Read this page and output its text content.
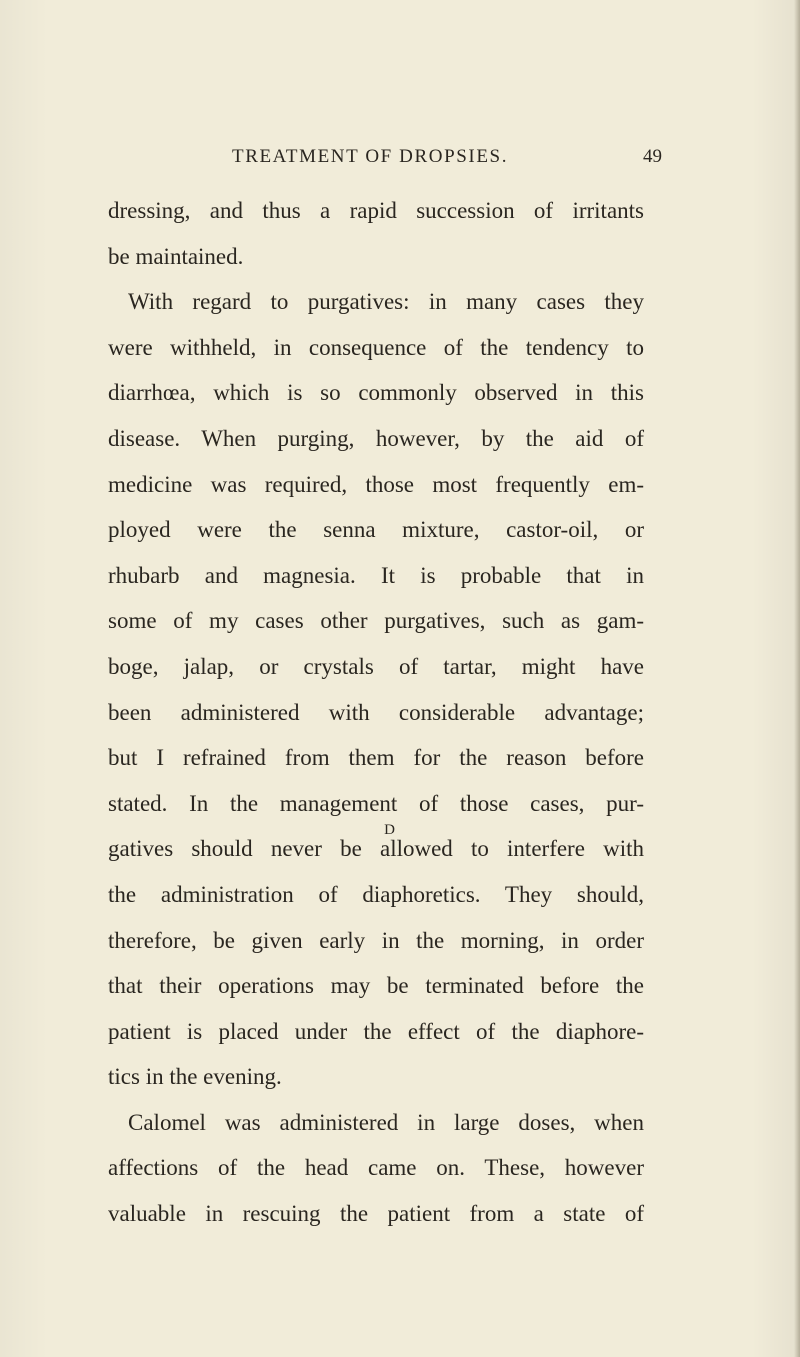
TREATMENT OF DROPSIES.	49
dressing, and thus a rapid succession of irritants
be maintained.
With regard to purgatives: in many cases they
were withheld, in consequence of the tendency to
diarrhœa, which is so commonly observed in this
disease. When purging, however, by the aid of
medicine was required, those most frequently em-
ployed were the senna mixture, castor-oil, or
rhubarb and magnesia. It is probable that in
some of my cases other purgatives, such as gam-
boge, jalap, or crystals of tartar, might have
been administered with considerable advantage;
but I refrained from them for the reason before
stated. In the management of those cases, pur-
gatives should never be allowed to interfere with
the administration of diaphoretics. They should,
therefore, be given early in the morning, in order
that their operations may be terminated before the
patient is placed under the effect of the diaphore-
tics in the evening.
Calomel was administered in large doses, when
affections of the head came on. These, however
valuable in rescuing the patient from a state of
D
